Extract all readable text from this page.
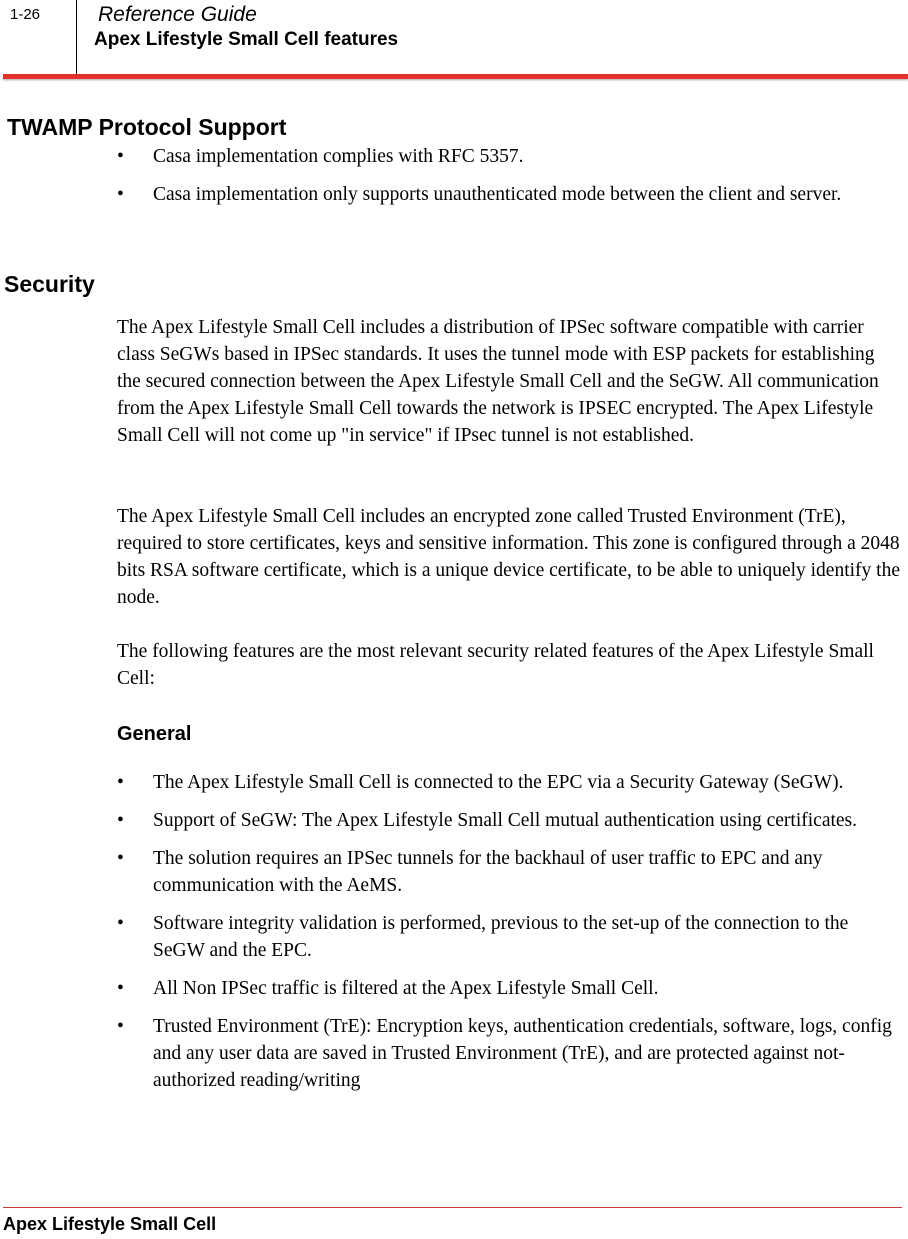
1-26	Reference Guide
Apex Lifestyle Small Cell features
TWAMP Protocol Support
• Casa implementation complies with RFC 5357.
• Casa implementation only supports unauthenticated mode between the client and server.
Security

The Apex Lifestyle Small Cell includes a distribution of IPSec software compatible with carrier class SeGWs based in IPSec standards. It uses the tunnel mode with ESP packets for establishing the secured connection between the Apex Lifestyle Small Cell and the SeGW. All communication from the Apex Lifestyle Small Cell towards the network is IPSEC encrypted. The Apex Lifestyle Small Cell will not come up "in service" if IPsec tunnel is not established.

The Apex Lifestyle Small Cell includes an encrypted zone called Trusted Environment (TrE), required to store certificates, keys and sensitive information. This zone is configured through a 2048 bits RSA software certificate, which is a unique device certificate, to be able to uniquely identify the node.

The following features are the most relevant security related features of the Apex Lifestyle Small Cell:

General
• The Apex Lifestyle Small Cell is connected to the EPC via a Security Gateway (SeGW).
• Support of SeGW: The Apex Lifestyle Small Cell mutual authentication using certificates.
• The solution requires an IPSec tunnels for the backhaul of user traffic to EPC and any communication with the AeMS.
• Software integrity validation is performed, previous to the set-up of the connection to the SeGW and the EPC.
• All Non IPSec traffic is filtered at the Apex Lifestyle Small Cell.
• Trusted Environment (TrE): Encryption keys, authentication credentials, software, logs, config and any user data are saved in Trusted Environment (TrE), and are protected against not-authorized reading/writing
Apex Lifestyle Small Cell
